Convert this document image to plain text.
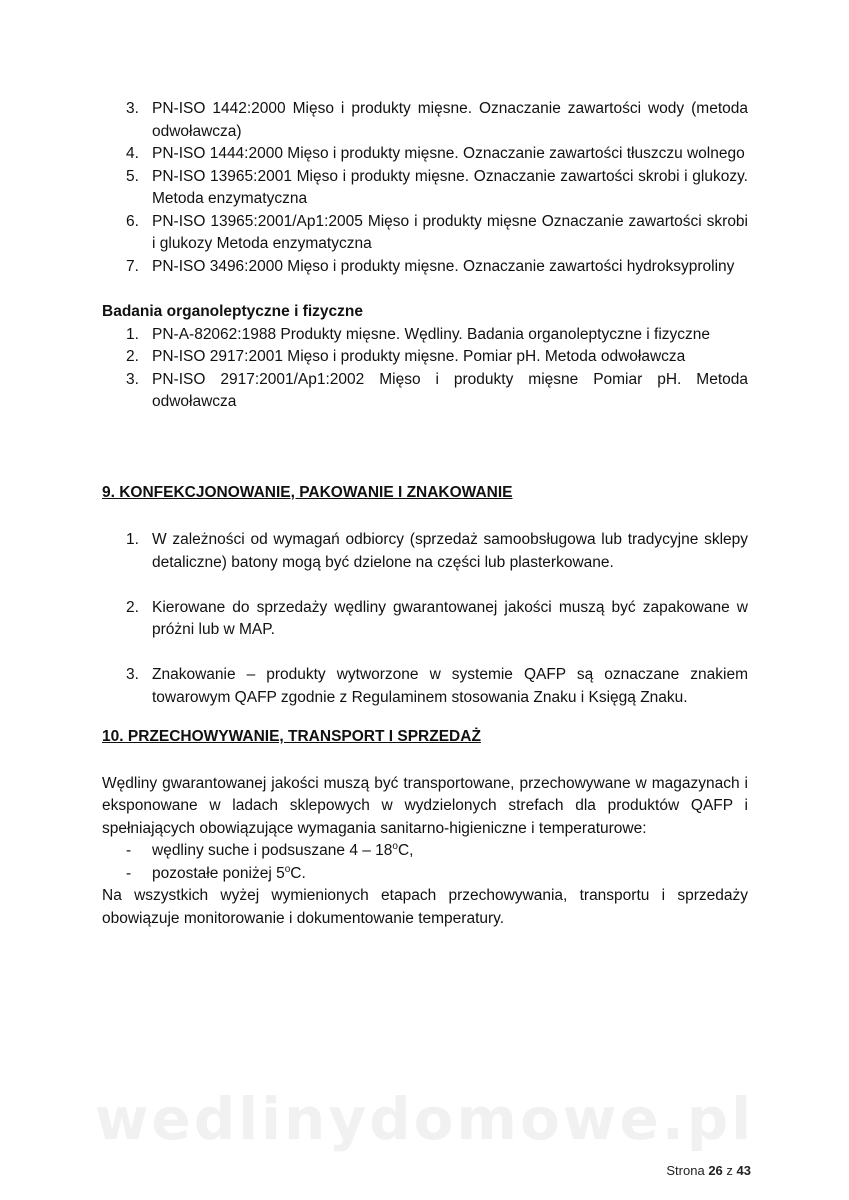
3. PN-ISO 1442:2000 Mięso i produkty mięsne. Oznaczanie zawartości wody (metoda odwoławcza)
4. PN-ISO 1444:2000 Mięso i produkty mięsne. Oznaczanie zawartości tłuszczu wolnego
5. PN-ISO 13965:2001 Mięso i produkty mięsne. Oznaczanie zawartości skrobi i glukozy. Metoda enzymatyczna
6. PN-ISO 13965:2001/Ap1:2005 Mięso i produkty mięsne Oznaczanie zawartości skrobi i glukozy Metoda enzymatyczna
7. PN-ISO 3496:2000 Mięso i produkty mięsne. Oznaczanie zawartości hydroksyproliny
Badania organoleptyczne i fizyczne
1. PN-A-82062:1988 Produkty mięsne. Wędliny. Badania organoleptyczne i fizyczne
2. PN-ISO 2917:2001 Mięso i produkty mięsne. Pomiar pH. Metoda odwoławcza
3. PN-ISO 2917:2001/Ap1:2002 Mięso i produkty mięsne Pomiar pH. Metoda odwoławcza
9. KONFEKCJONOWANIE, PAKOWANIE I ZNAKOWANIE
1. W zależności od wymagań odbiorcy (sprzedaż samoobsługowa lub tradycyjne sklepy detaliczne) batony mogą być dzielone na części lub plasterkowane.
2. Kierowane do sprzedaży wędliny gwarantowanej jakości muszą być zapakowane w próżni lub w MAP.
3. Znakowanie – produkty wytworzone w systemie QAFP są oznaczane znakiem towarowym QAFP zgodnie z Regulaminem stosowania Znaku i Księgą Znaku.
10. PRZECHOWYWANIE, TRANSPORT I SPRZEDAŻ
Wędliny gwarantowanej jakości muszą być transportowane, przechowywane w magazynach i eksponowane w ladach sklepowych w wydzielonych strefach dla produktów QAFP i spełniających obowiązujące wymagania sanitarno-higieniczne i temperaturowe:
- wędliny suche i podsuszane 4 – 18$^o$C,
- pozostałe poniżej 5$^o$C.
Na wszystkich wyżej wymienionych etapach przechowywania, transportu i sprzedaży obowiązuje monitorowanie i dokumentowanie temperatury.
wedlinydomowe.pl
Strona 26 z 43
